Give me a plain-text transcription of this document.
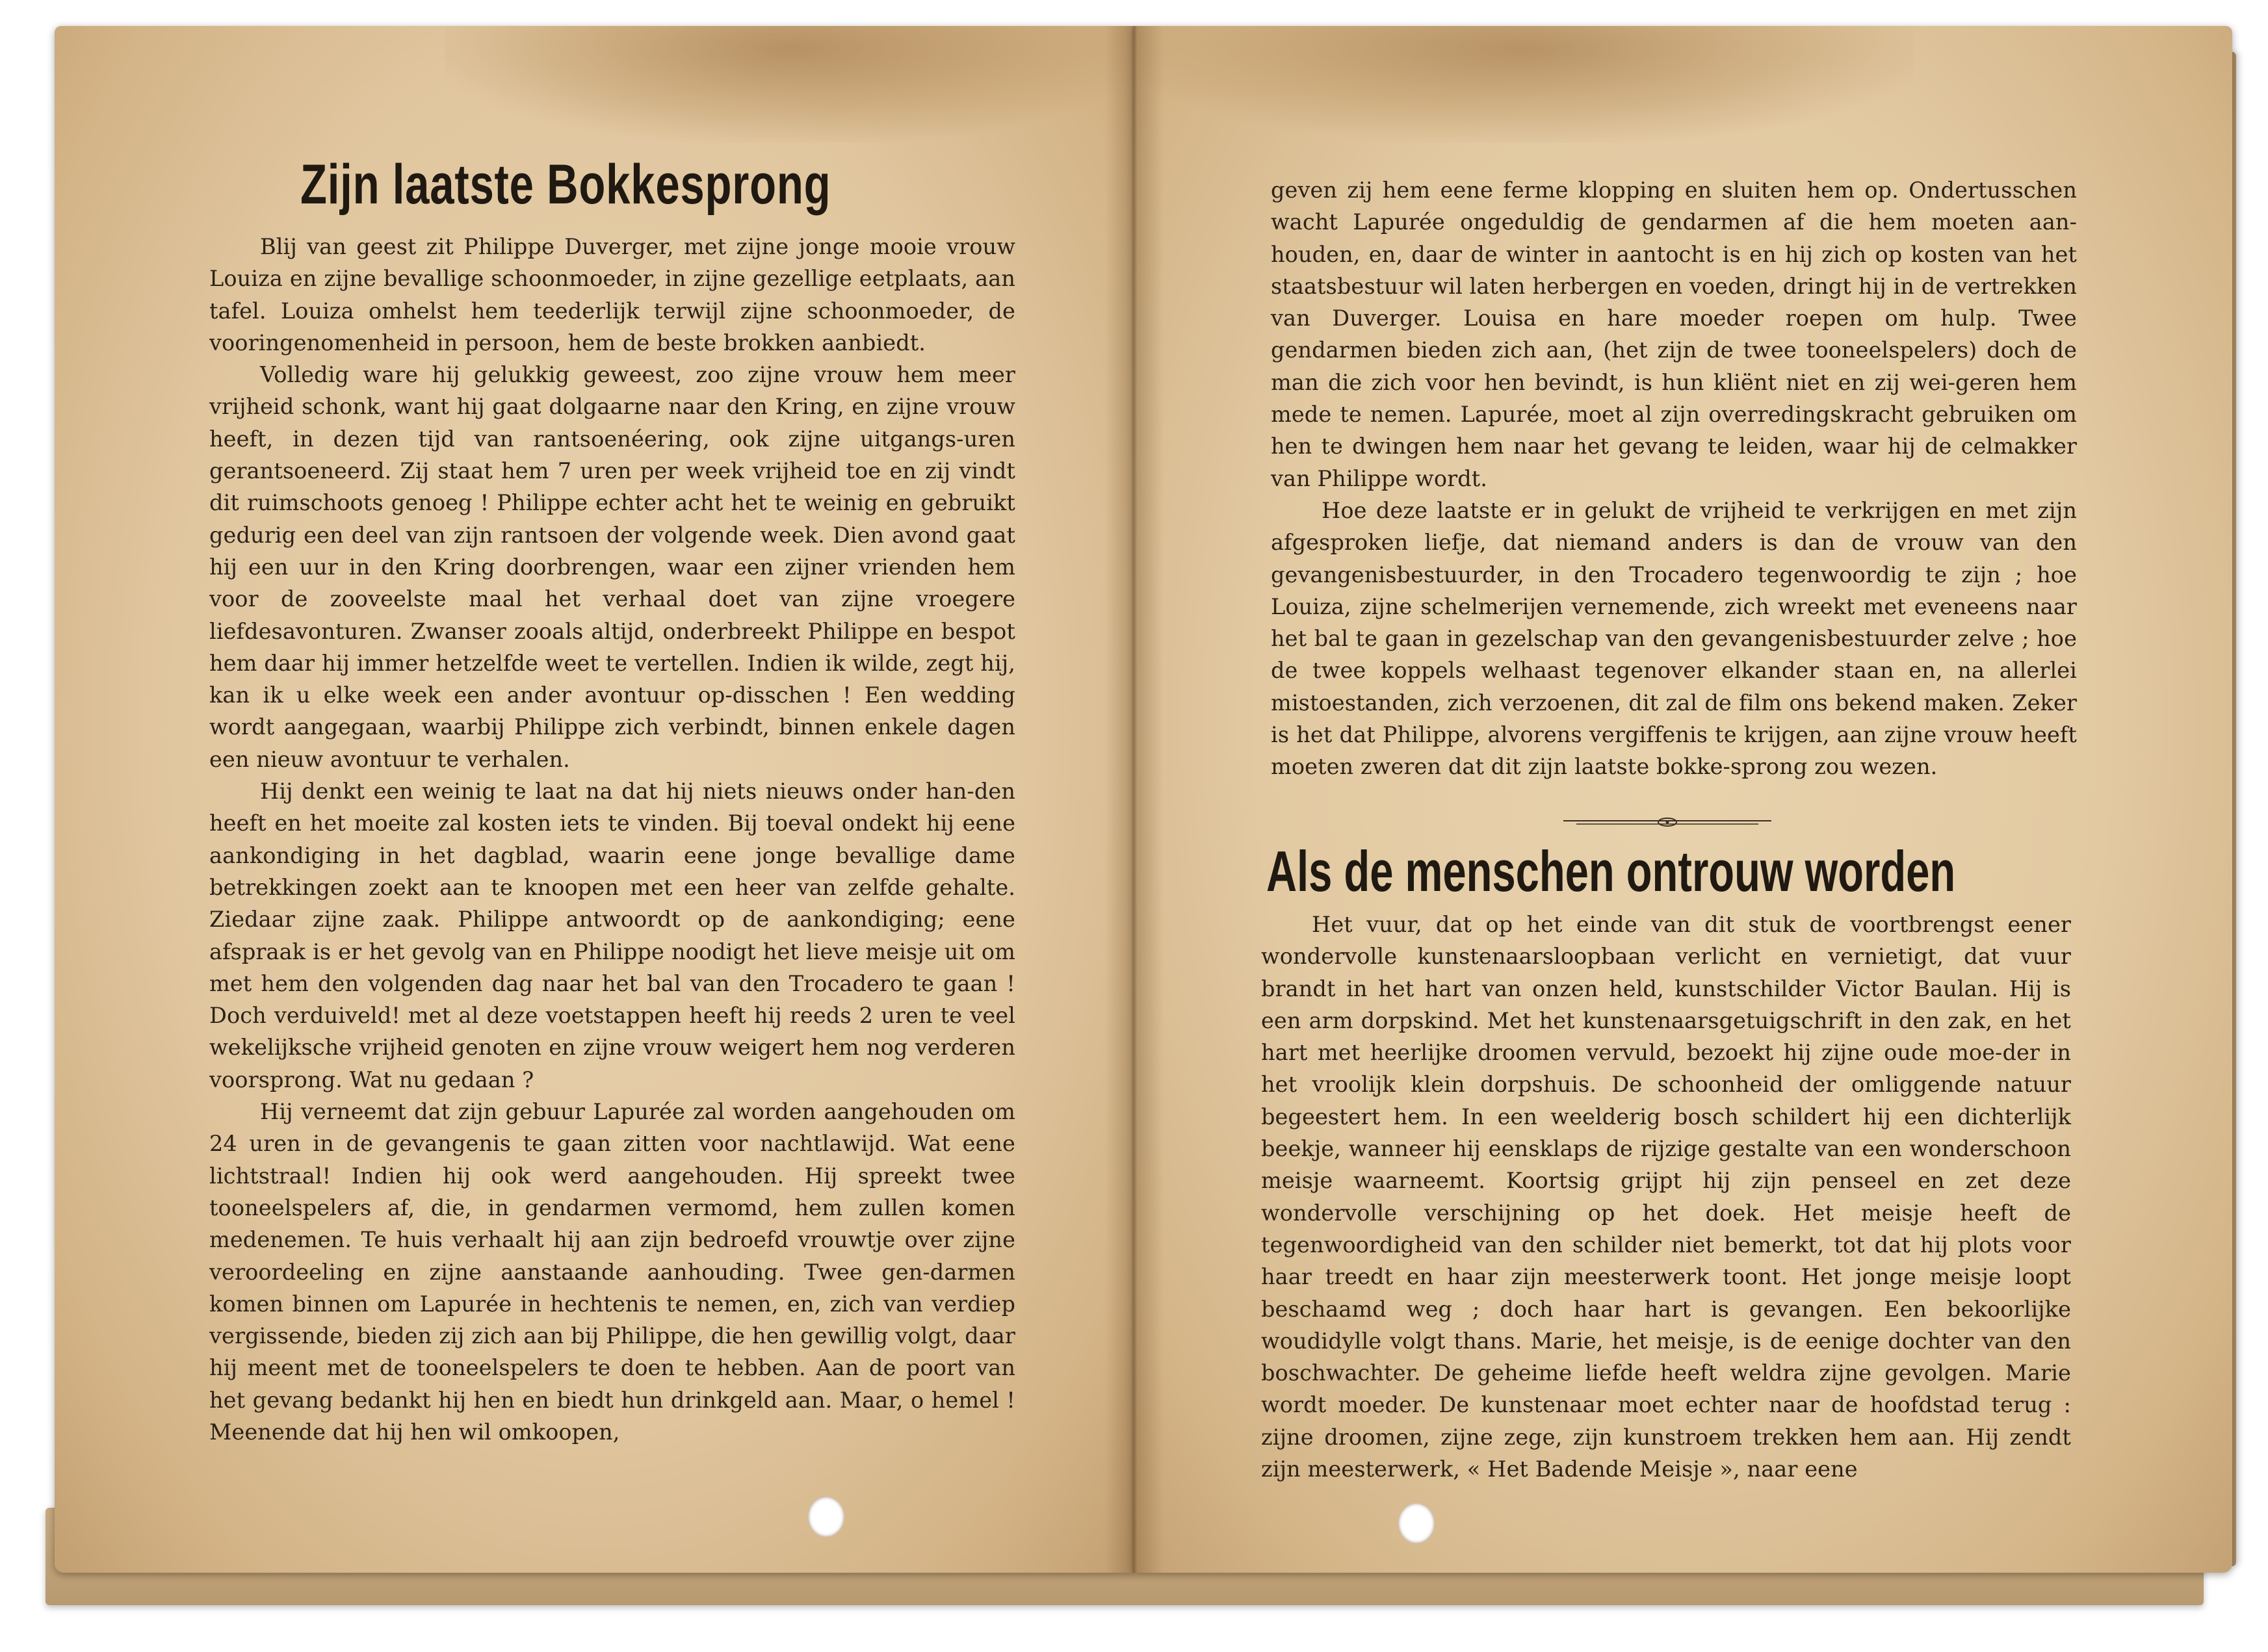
Zijn laatste Bokkesprong

Blij van geest zit Philippe Duverger, met zijne jonge mooie vrouw Louiza en zijne bevallige schoonmoeder, in zijne gezellige eetplaats, aan tafel. Louiza omhelst hem teederlijk terwijl zijne schoonmoeder, de vooringenomenheid in persoon, hem de beste brokken aanbiedt.

Volledig ware hij gelukkig geweest, zoo zijne vrouw hem meer vrijheid schonk, want hij gaat dolgaarne naar den Kring, en zijne vrouw heeft, in dezen tijd van rantsoenéering, ook zijne uitgangs-uren gerantsoeneerd. Zij staat hem 7 uren per week vrijheid toe en zij vindt dit ruimschoots genoeg ! Philippe echter acht het te weinig en gebruikt gedurig een deel van zijn rantsoen der volgende week. Dien avond gaat hij een uur in den Kring doorbrengen, waar een zijner vrienden hem voor de zooveelste maal het verhaal doet van zijne vroegere liefdesavonturen. Zwanser zooals altijd, onderbreekt Philippe en bespot hem daar hij immer hetzelfde weet te vertellen. Indien ik wilde, zegt hij, kan ik u elke week een ander avontuur op-disschen ! Een wedding wordt aangegaan, waarbij Philippe zich verbindt, binnen enkele dagen een nieuw avontuur te verhalen.

Hij denkt een weinig te laat na dat hij niets nieuws onder han-den heeft en het moeite zal kosten iets te vinden. Bij toeval ondekt hij eene aankondiging in het dagblad, waarin eene jonge bevallige dame betrekkingen zoekt aan te knoopen met een heer van zelfde gehalte. Ziedaar zijne zaak. Philippe antwoordt op de aankondiging; eene afspraak is er het gevolg van en Philippe noodigt het lieve meisje uit om met hem den volgenden dag naar het bal van den Trocadero te gaan ! Doch verduiveld! met al deze voetstappen heeft hij reeds 2 uren te veel wekelijksche vrijheid genoten en zijne vrouw weigert hem nog verderen voorsprong. Wat nu gedaan ?

Hij verneemt dat zijn gebuur Lapurée zal worden aangehouden om 24 uren in de gevangenis te gaan zitten voor nachtlawijd. Wat eene lichtstraal! Indien hij ook werd aangehouden. Hij spreekt twee tooneelspelers af, die, in gendarmen vermomd, hem zullen komen medenemen. Te huis verhaalt hij aan zijn bedroefd vrouwtje over zijne veroordeeling en zijne aanstaande aanhouding. Twee gen-darmen komen binnen om Lapurée in hechtenis te nemen, en, zich van verdiep vergissende, bieden zij zich aan bij Philippe, die hen gewillig volgt, daar hij meent met de tooneelspelers te doen te hebben. Aan de poort van het gevang bedankt hij hen en biedt hun drinkgeld aan. Maar, o hemel ! Meenende dat hij hen wil omkoopen,

geven zij hem eene ferme klopping en sluiten hem op. Ondertusschen wacht Lapurée ongeduldig de gendarmen af die hem moeten aan-houden, en, daar de winter in aantocht is en hij zich op kosten van het staatsbestuur wil laten herbergen en voeden, dringt hij in de vertrekken van Duverger. Louisa en hare moeder roepen om hulp. Twee gendarmen bieden zich aan, (het zijn de twee tooneelspelers) doch de man die zich voor hen bevindt, is hun kliënt niet en zij wei-geren hem mede te nemen. Lapurée, moet al zijn overredingskracht gebruiken om hen te dwingen hem naar het gevang te leiden, waar hij de celmakker van Philippe wordt.

Hoe deze laatste er in gelukt de vrijheid te verkrijgen en met zijn afgesproken liefje, dat niemand anders is dan de vrouw van den gevangenisbestuurder, in den Trocadero tegenwoordig te zijn ; hoe Louiza, zijne schelmerijen vernemende, zich wreekt met eveneens naar het bal te gaan in gezelschap van den gevangenisbestuurder zelve ; hoe de twee koppels welhaast tegenover elkander staan en, na allerlei mistoestanden, zich verzoenen, dit zal de film ons bekend maken. Zeker is het dat Philippe, alvorens vergiffenis te krijgen, aan zijne vrouw heeft moeten zweren dat dit zijn laatste bokke-sprong zou wezen.

Als de menschen ontrouw worden

Het vuur, dat op het einde van dit stuk de voortbrengst eener wondervolle kunstenaarsloopbaan verlicht en vernietigt, dat vuur brandt in het hart van onzen held, kunstschilder Victor Baulan. Hij is een arm dorpskind. Met het kunstenaarsgetuigschrift in den zak, en het hart met heerlijke droomen vervuld, bezoekt hij zijne oude moe-der in het vroolijk klein dorpshuis. De schoonheid der omliggende natuur begeestert hem. In een weelderig bosch schildert hij een dichterlijk beekje, wanneer hij eensklaps de rijzige gestalte van een wonderschoon meisje waarneemt. Koortsig grijpt hij zijn penseel en zet deze wondervolle verschijning op het doek. Het meisje heeft de tegenwoordigheid van den schilder niet bemerkt, tot dat hij plots voor haar treedt en haar zijn meesterwerk toont. Het jonge meisje loopt beschaamd weg ; doch haar hart is gevangen. Een bekoorlijke woudidylle volgt thans. Marie, het meisje, is de eenige dochter van den boschwachter. De geheime liefde heeft weldra zijne gevolgen. Marie wordt moeder. De kunstenaar moet echter naar de hoofdstad terug : zijne droomen, zijne zege, zijn kunstroem trekken hem aan. Hij zendt zijn meesterwerk, « Het Badende Meisje », naar eene
